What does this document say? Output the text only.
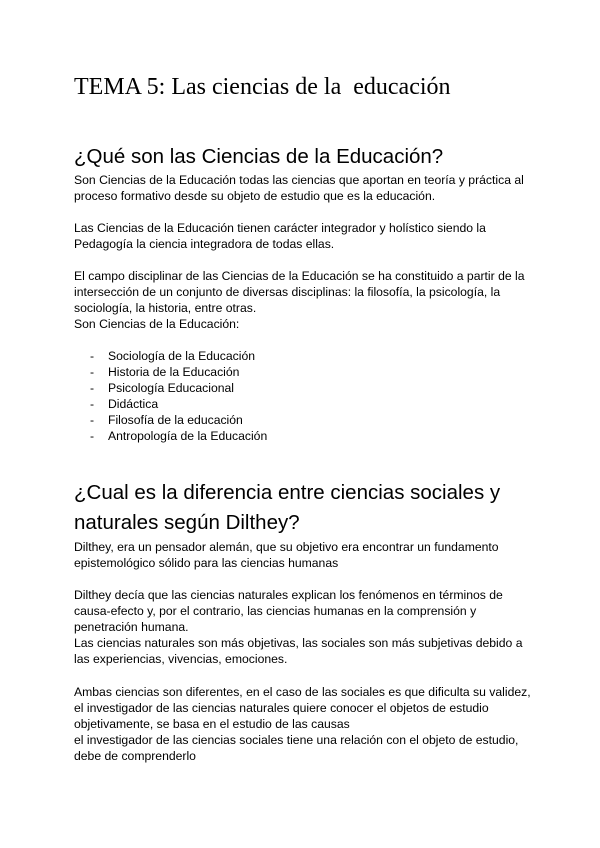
TEMA 5: Las ciencias de la  educación
¿Qué son las Ciencias de la Educación?

Son Ciencias de la Educación todas las ciencias que aportan en teoría y práctica al
proceso formativo desde su objeto de estudio que es la educación.

Las Ciencias de la Educación tienen carácter integrador y holístico siendo la
Pedagogía la ciencia integradora de todas ellas.

El campo disciplinar de las Ciencias de la Educación se ha constituido a partir de la
intersección de un conjunto de diversas disciplinas: la filosofía, la psicología, la
sociología, la historia, entre otras.
Son Ciencias de la Educación:

- Sociología de la Educación
- Historia de la Educación
- Psicología Educacional
- Didáctica
- Filosofía de la educación
- Antropología de la Educación
¿Cual es la diferencia entre ciencias sociales y naturales según Dilthey?

Dilthey, era un pensador alemán, que su objetivo era encontrar un fundamento
epistemológico sólido para las ciencias humanas

Dilthey decía que las ciencias naturales explican los fenómenos en términos de
causa-efecto y, por el contrario, las ciencias humanas en la comprensión y
penetración humana.
Las ciencias naturales son más objetivas, las sociales son más subjetivas debido a
las experiencias, vivencias, emociones.

Ambas ciencias son diferentes, en el caso de las sociales es que dificulta su validez,
el investigador de las ciencias naturales quiere conocer el objetos de estudio
objetivamente, se basa en el estudio de las causas
el investigador de las ciencias sociales tiene una relación con el objeto de estudio,
debe de comprenderlo
